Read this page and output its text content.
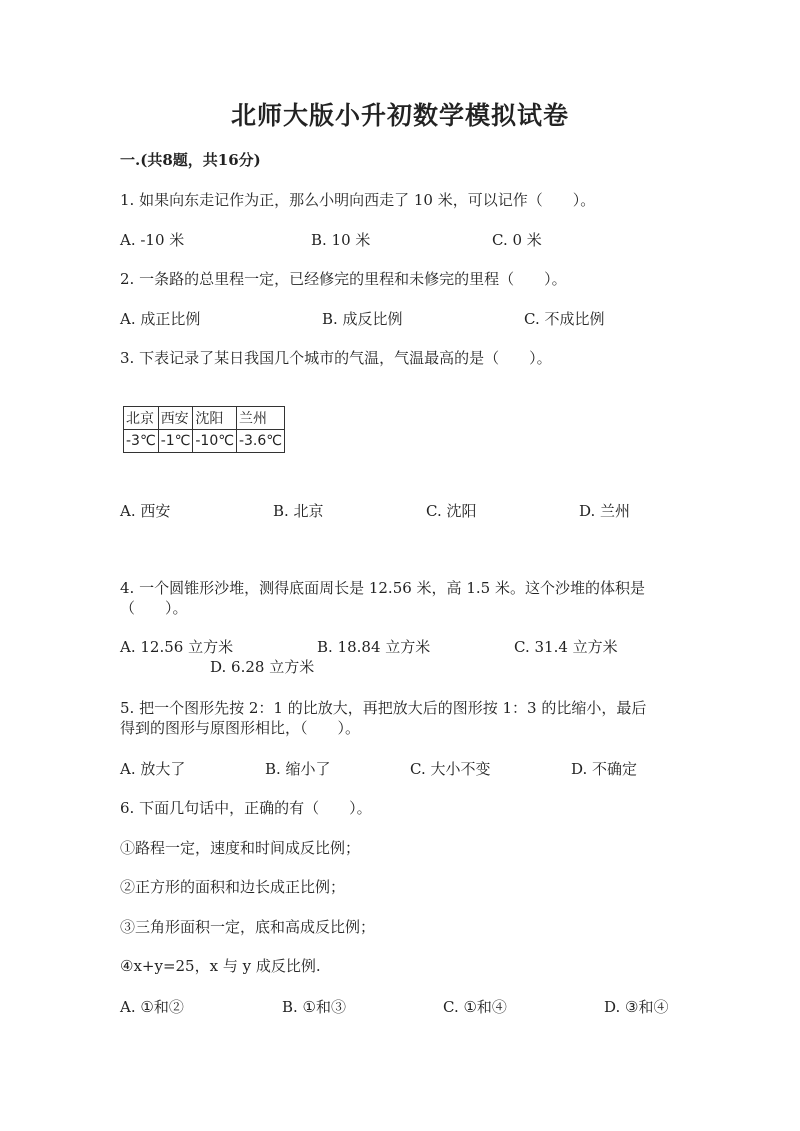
北师大版小升初数学模拟试卷
一.(共8题，共16分)
1. 如果向东走记作为正，那么小明向西走了 10 米，可以记作（　　）。
A. -10 米	B. 10 米	C. 0 米
2. 一条路的总里程一定，已经修完的里程和未修完的里程（　　）。
A. 成正比例	B. 成反比例	C. 不成比例
3. 下表记录了某日我国几个城市的气温，气温最高的是（　　）。
北京	西安	沈阳	兰州
-3℃	-1℃	-10℃	-3.6℃
A. 西安	B. 北京	C. 沈阳	D. 兰州
4. 一个圆锥形沙堆，测得底面周长是 12.56 米，高 1.5 米。这个沙堆的体积是
（　　）。
A. 12.56 立方米	B. 18.84 立方米	C. 31.4 立方米
D. 6.28 立方米
5. 把一个图形先按 2：1 的比放大，再把放大后的图形按 1：3 的比缩小，最后
得到的图形与原图形相比，（　　）。
A. 放大了	B. 缩小了	C. 大小不变	D. 不确定
6. 下面几句话中，正确的有（　　）。
①路程一定，速度和时间成反比例；
②正方形的面积和边长成正比例；
③三角形面积一定，底和高成反比例；
④x+y=25，x 与 y 成反比例.
A. ①和②	B. ①和③	C. ①和④	D. ③和④
